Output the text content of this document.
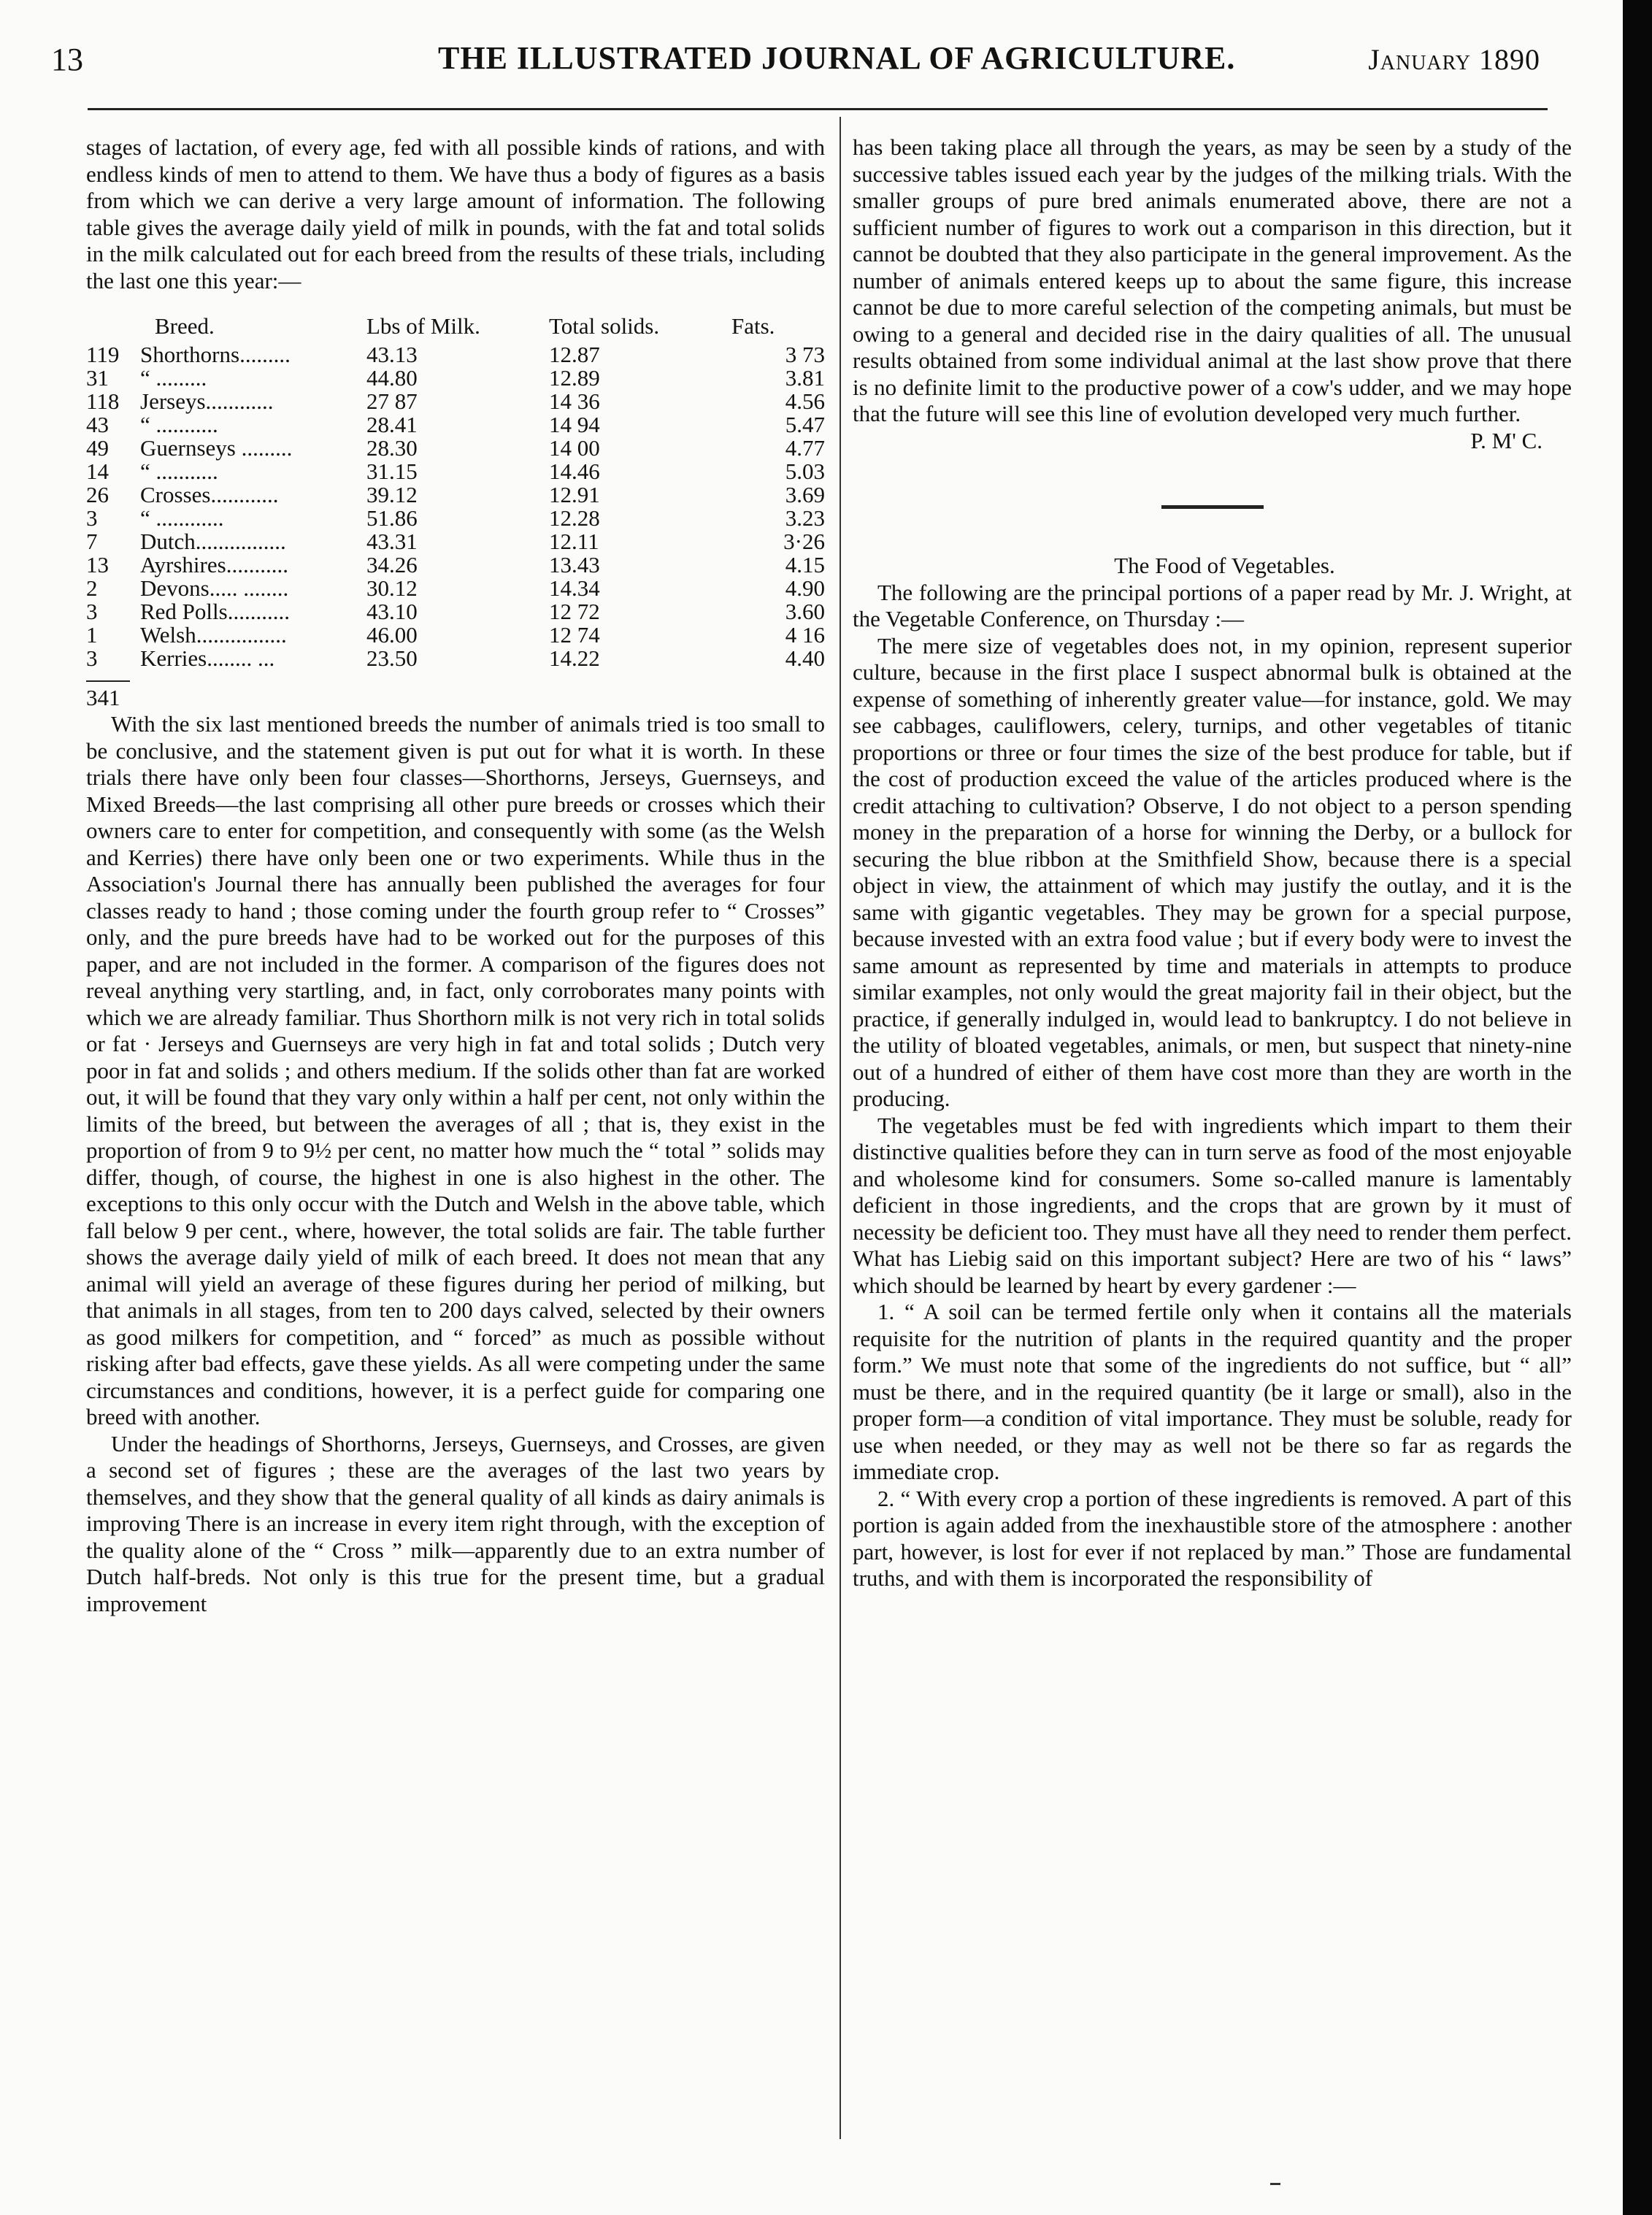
13	THE ILLUSTRATED JOURNAL OF AGRICULTURE.	January 1890

stages of lactation, of every age, fed with all possible kinds of rations, and with endless kinds of men to attend to them. We have thus a body of figures as a basis from which we can derive a very large amount of information. The following table gives the average daily yield of milk in pounds, with the fat and total solids in the milk calculated out for each breed from the results of these trials, including the last one this year:—

	Breed.	Lbs of Milk.	Total solids.	Fats.
119	Shorthorns.........	43.13	12.87	3 73
31	“ .........	44.80	12.89	3.81
118	Jerseys............	27 87	14 36	4.56
43	“ ...........	28.41	14 94	5.47
49	Guernseys .........	28.30	14 00	4.77
14	“ ...........	31.15	14.46	5.03
26	Crosses............	39.12	12.91	3.69
3	“ ............	51.86	12.28	3.23
7	Dutch................	43.31	12.11	3·26
13	Ayrshires...........	34.26	13.43	4.15
2	Devons..... ........	30.12	14.34	4.90
3	Red Polls...........	43.10	12 72	3.60
1	Welsh................	46.00	12 74	4 16
3	Kerries........ ...	23.50	14.22	4.40
341

With the six last mentioned breeds the number of animals tried is too small to be conclusive, and the statement given is put out for what it is worth. In these trials there have only been four classes—Shorthorns, Jerseys, Guernseys, and Mixed Breeds—the last comprising all other pure breeds or crosses which their owners care to enter for competition, and consequently with some (as the Welsh and Kerries) there have only been one or two experiments. While thus in the Association's Journal there has annually been published the averages for four classes ready to hand ; those coming under the fourth group refer to “ Crosses” only, and the pure breeds have had to be worked out for the purposes of this paper, and are not included in the former. A comparison of the figures does not reveal anything very startling, and, in fact, only corroborates many points with which we are already familiar. Thus Shorthorn milk is not very rich in total solids or fat · Jerseys and Guernseys are very high in fat and total solids ; Dutch very poor in fat and solids ; and others medium. If the solids other than fat are worked out, it will be found that they vary only within a half per cent, not only within the limits of the breed, but between the averages of all ; that is, they exist in the proportion of from 9 to 9½ per cent, no matter how much the “ total ” solids may differ, though, of course, the highest in one is also highest in the other. The exceptions to this only occur with the Dutch and Welsh in the above table, which fall below 9 per cent., where, however, the total solids are fair. The table further shows the average daily yield of milk of each breed. It does not mean that any animal will yield an average of these figures during her period of milking, but that animals in all stages, from ten to 200 days calved, selected by their owners as good milkers for competition, and “ forced” as much as possible without risking after bad effects, gave these yields. As all were competing under the same circumstances and conditions, however, it is a perfect guide for comparing one breed with another.

Under the headings of Shorthorns, Jerseys, Guernseys, and Crosses, are given a second set of figures ; these are the averages of the last two years by themselves, and they show that the general quality of all kinds as dairy animals is improving There is an increase in every item right through, with the exception of the quality alone of the “ Cross ” milk—apparently due to an extra number of Dutch half-breds. Not only is this true for the present time, but a gradual improvement

has been taking place all through the years, as may be seen by a study of the successive tables issued each year by the judges of the milking trials. With the smaller groups of pure bred animals enumerated above, there are not a sufficient number of figures to work out a comparison in this direction, but it cannot be doubted that they also participate in the general improvement. As the number of animals entered keeps up to about the same figure, this increase cannot be due to more careful selection of the competing animals, but must be owing to a general and decided rise in the dairy qualities of all. The unusual results obtained from some individual animal at the last show prove that there is no definite limit to the productive power of a cow's udder, and we may hope that the future will see this line of evolution developed very much further.

P. M' C.

The Food of Vegetables.

The following are the principal portions of a paper read by Mr. J. Wright, at the Vegetable Conference, on Thursday :—

The mere size of vegetables does not, in my opinion, represent superior culture, because in the first place I suspect abnormal bulk is obtained at the expense of something of inherently greater value—for instance, gold. We may see cabbages, cauliflowers, celery, turnips, and other vegetables of titanic proportions or three or four times the size of the best produce for table, but if the cost of production exceed the value of the articles produced where is the credit attaching to cultivation? Observe, I do not object to a person spending money in the preparation of a horse for winning the Derby, or a bullock for securing the blue ribbon at the Smithfield Show, because there is a special object in view, the attainment of which may justify the outlay, and it is the same with gigantic vegetables. They may be grown for a special purpose, because invested with an extra food value ; but if every body were to invest the same amount as represented by time and materials in attempts to produce similar examples, not only would the great majority fail in their object, but the practice, if generally indulged in, would lead to bankruptcy. I do not believe in the utility of bloated vegetables, animals, or men, but suspect that ninety-nine out of a hundred of either of them have cost more than they are worth in the producing.

The vegetables must be fed with ingredients which impart to them their distinctive qualities before they can in turn serve as food of the most enjoyable and wholesome kind for consumers. Some so-called manure is lamentably deficient in those ingredients, and the crops that are grown by it must of necessity be deficient too. They must have all they need to render them perfect. What has Liebig said on this important subject? Here are two of his “ laws” which should be learned by heart by every gardener :—

1. “ A soil can be termed fertile only when it contains all the materials requisite for the nutrition of plants in the required quantity and the proper form.” We must note that some of the ingredients do not suffice, but “ all” must be there, and in the required quantity (be it large or small), also in the proper form—a condition of vital importance. They must be soluble, ready for use when needed, or they may as well not be there so far as regards the immediate crop.

2. “ With every crop a portion of these ingredients is removed. A part of this portion is again added from the inexhaustible store of the atmosphere : another part, however, is lost for ever if not replaced by man.” Those are fundamental truths, and with them is incorporated the responsibility of
